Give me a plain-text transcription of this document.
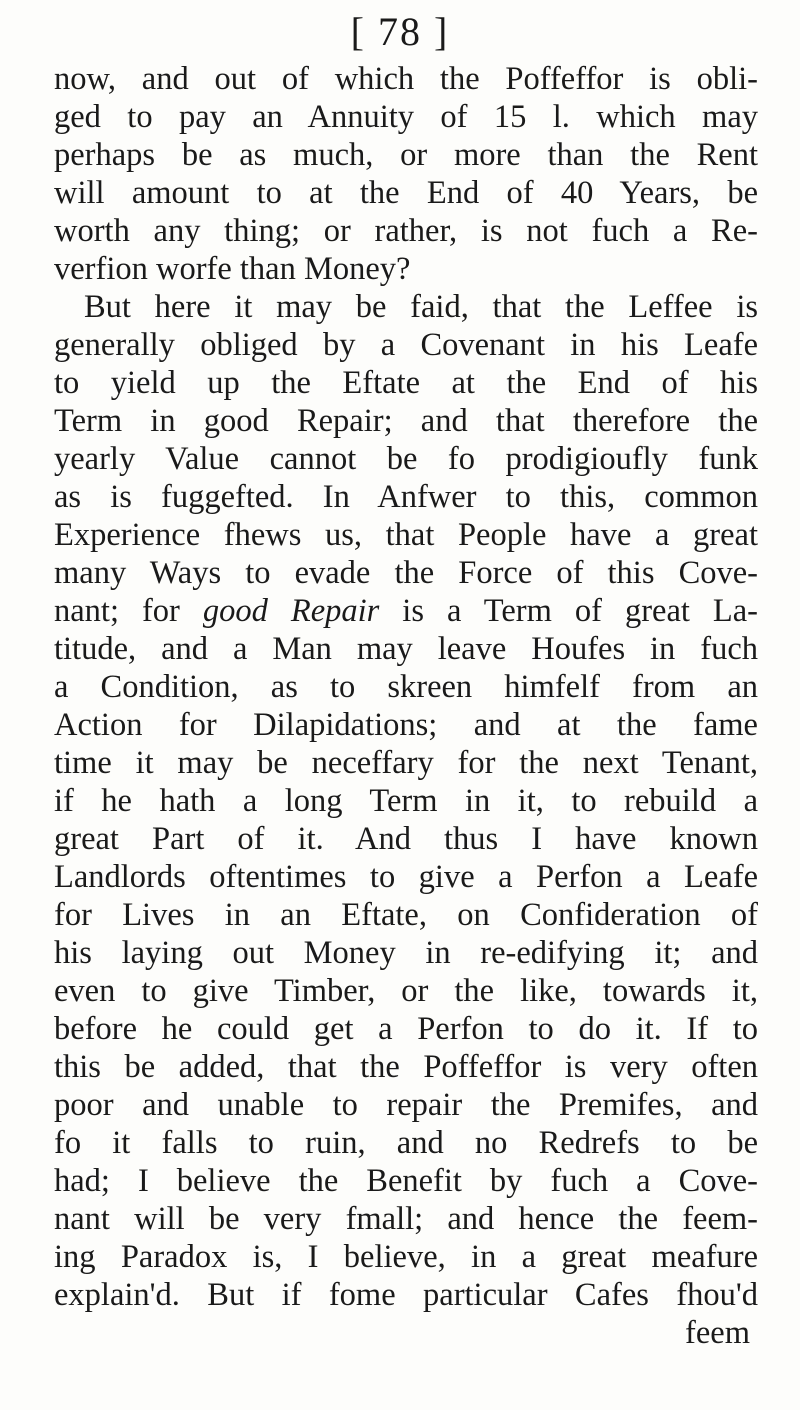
[ 78 ]
now, and out of which the Poffeffor is obli-
ged to pay an Annuity of 15 l. which may
perhaps be as much, or more than the Rent
will amount to at the End of 40 Years, be
worth any thing; or rather, is not fuch a Re-
verfion worfe than Money?
But here it may be faid, that the Leffee is
generally obliged by a Covenant in his Leafe
to yield up the Eftate at the End of his
Term in good Repair; and that therefore the
yearly Value cannot be fo prodigioufly funk
as is fuggefted. In Anfwer to this, common
Experience fhews us, that People have a great
many Ways to evade the Force of this Cove-
nant; for good Repair is a Term of great La-
titude, and a Man may leave Houfes in fuch
a Condition, as to skreen himfelf from an
Action for Dilapidations; and at the fame
time it may be neceffary for the next Tenant,
if he hath a long Term in it, to rebuild a
great Part of it. And thus I have known
Landlords oftentimes to give a Perfon a Leafe
for Lives in an Eftate, on Confideration of
his laying out Money in re-edifying it; and
even to give Timber, or the like, towards it,
before he could get a Perfon to do it. If to
this be added, that the Poffeffor is very often
poor and unable to repair the Premifes, and
fo it falls to ruin, and no Redrefs to be
had; I believe the Benefit by fuch a Cove-
nant will be very fmall; and hence the feem-
ing Paradox is, I believe, in a great meafure
explain'd. But if fome particular Cafes fhou'd
feem
